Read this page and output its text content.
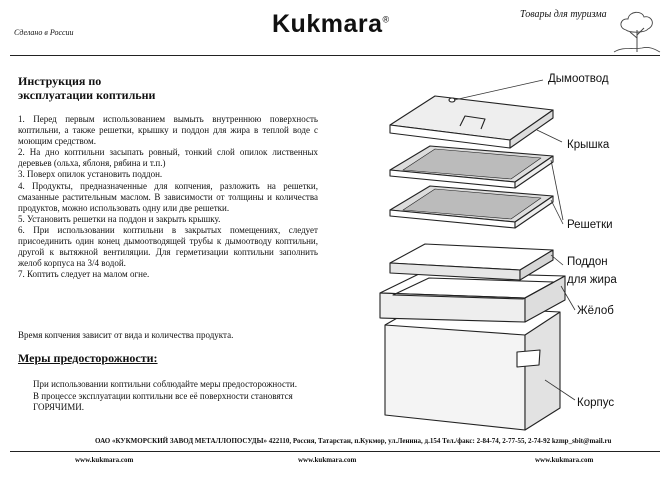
Сделано в России	Kukmara®	Товары для туризма
Инструкция по
эксплуатации коптильни

1. Перед первым использованием вымыть внутреннюю поверхность коптильни, а также решетки, крышку и поддон для жира в теплой воде с моющим средством.

2. На дно коптильни засыпать ровный, тонкий слой опилок лиственных деревьев (ольха, яблоня, рябина и т.п.)

3. Поверх опилок установить поддон.

4. Продукты, предназначенные для копчения, разложить на решетки, смазанные растительным маслом. В зависимости от толщины и количества продуктов, можно использовать одну или две решетки.

5. Установить решетки на поддон и закрыть крышку.

6. При использовании коптильни в закрытых помещениях, следует присоединить один конец дымоотводящей трубы к дымоотводу коптильни, другой к вытяжной вентиляции. Для герметизации коптильни заполнить желоб корпуса на 3/4 водой.

7. Коптить следует на малом огне.

Время копчения зависит от вида и количества продукта.
Меры предосторожности:

При использовании коптильни соблюдайте меры предосторожности.

В процессе эксплуатации коптильни все её поверхности становятся ГОРЯЧИМИ.

Дымоотвод
Крышка
Решетки
Поддон
для жира
Жёлоб
Корпус
ОАО «КУКМОРСКИЙ ЗАВОД МЕТАЛЛОПОСУДЫ» 422110, Россия, Татарстан, п.Кукмор, ул.Ленина, д.154 Тел./факс: 2-84-74, 2-77-55, 2-74-92 kzmp_sbit@mail.ru
www.kukmara.com	www.kukmara.com	www.kukmara.com
